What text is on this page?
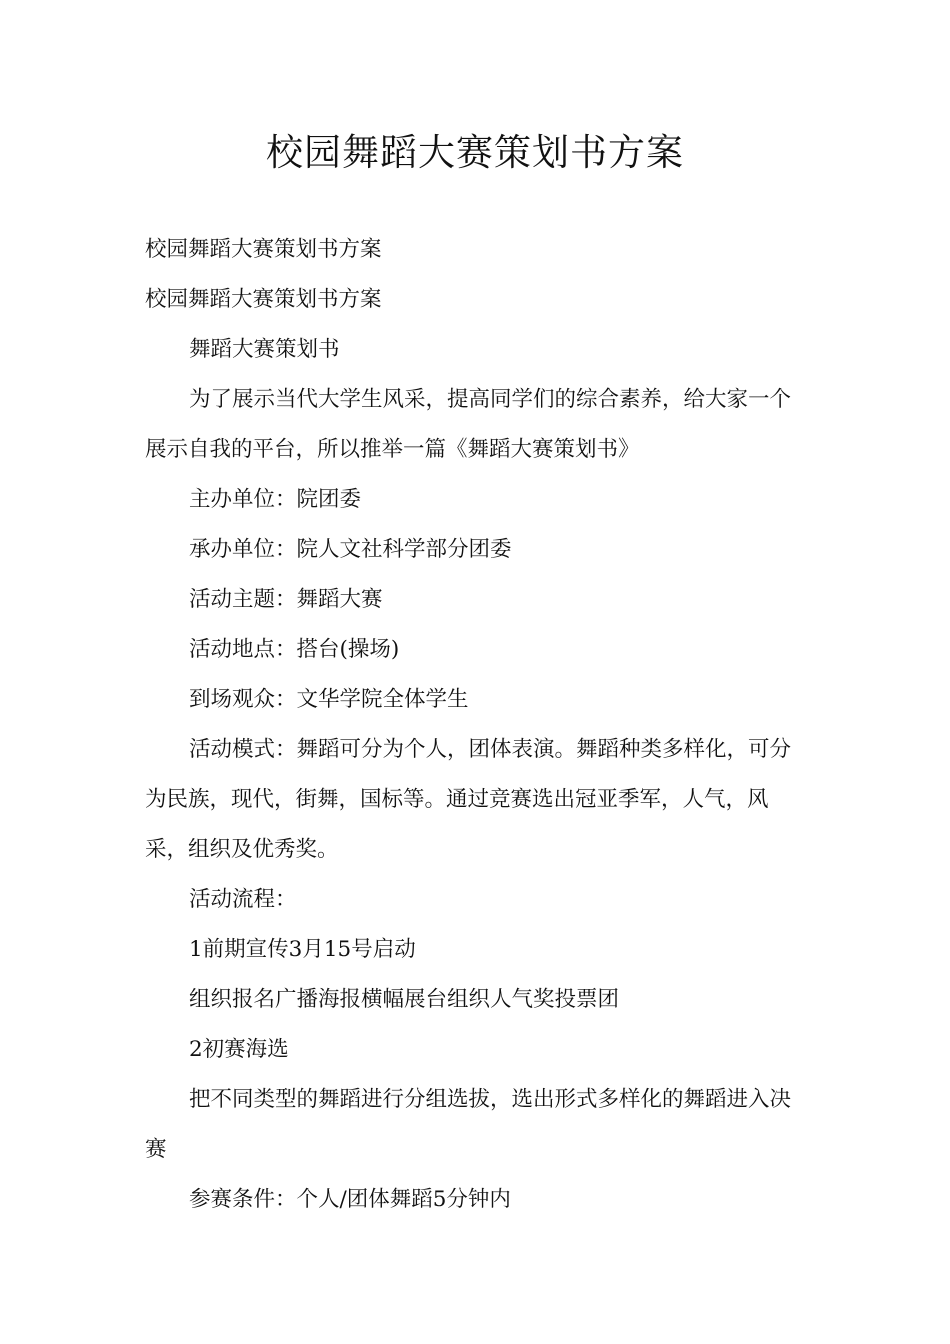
校园舞蹈大赛策划书方案

校园舞蹈大赛策划书方案

校园舞蹈大赛策划书方案

舞蹈大赛策划书

为了展示当代大学生风采，提高同学们的综合素养，给大家一个展示自我的平台，所以推举一篇《舞蹈大赛策划书》

主办单位：院团委

承办单位：院人文社科学部分团委

活动主题：舞蹈大赛

活动地点：搭台(操场)

到场观众：文华学院全体学生

活动模式：舞蹈可分为个人，团体表演。舞蹈种类多样化，可分为民族，现代，街舞，国标等。通过竞赛选出冠亚季军，人气，风采，组织及优秀奖。

活动流程：

1前期宣传3月15号启动

组织报名广播海报横幅展台组织人气奖投票团

2初赛海选

把不同类型的舞蹈进行分组选拔，选出形式多样化的舞蹈进入决赛

参赛条件：个人/团体舞蹈5分钟内
